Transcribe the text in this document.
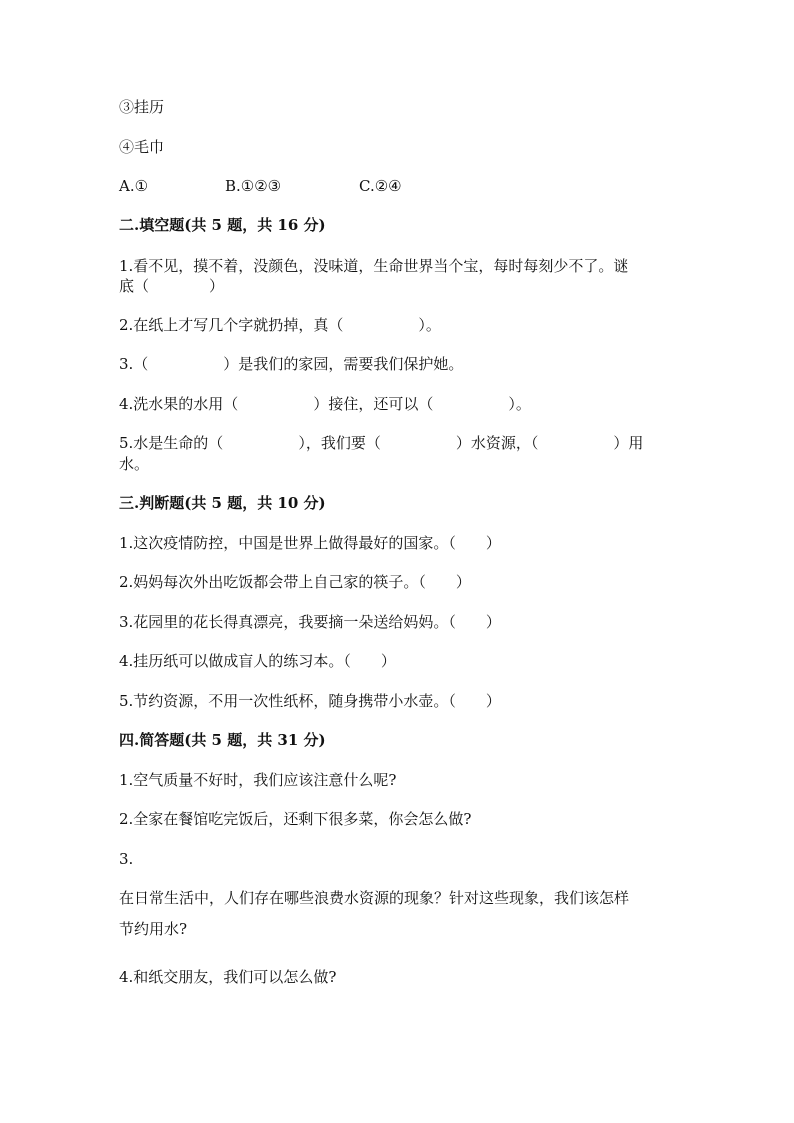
③挂历
④毛巾
A.①	B.①②③	C.②④
二.填空题(共 5 题，共 16 分)
1.看不见，摸不着，没颜色，没味道，生命世界当个宝，每时每刻少不了。谜
底（　　　　）
2.在纸上才写几个字就扔掉，真（　　　　　）。
3.（　　　　　）是我们的家园，需要我们保护她。
4.洗水果的水用（　　　　　）接住，还可以（　　　　　）。
5.水是生命的（　　　　　），我们要（　　　　　）水资源，（　　　　　）用
水。
三.判断题(共 5 题，共 10 分)
1.这次疫情防控，中国是世界上做得最好的国家。（　　）
2.妈妈每次外出吃饭都会带上自己家的筷子。（　　）
3.花园里的花长得真漂亮，我要摘一朵送给妈妈。（　　）
4.挂历纸可以做成盲人的练习本。（　　）
5.节约资源，不用一次性纸杯，随身携带小水壶。（　　）
四.简答题(共 5 题，共 31 分)
1.空气质量不好时，我们应该注意什么呢?
2.全家在餐馆吃完饭后，还剩下很多菜，你会怎么做?
3.
在日常生活中，人们存在哪些浪费水资源的现象？针对这些现象，我们该怎样
节约用水?
4.和纸交朋友，我们可以怎么做?
